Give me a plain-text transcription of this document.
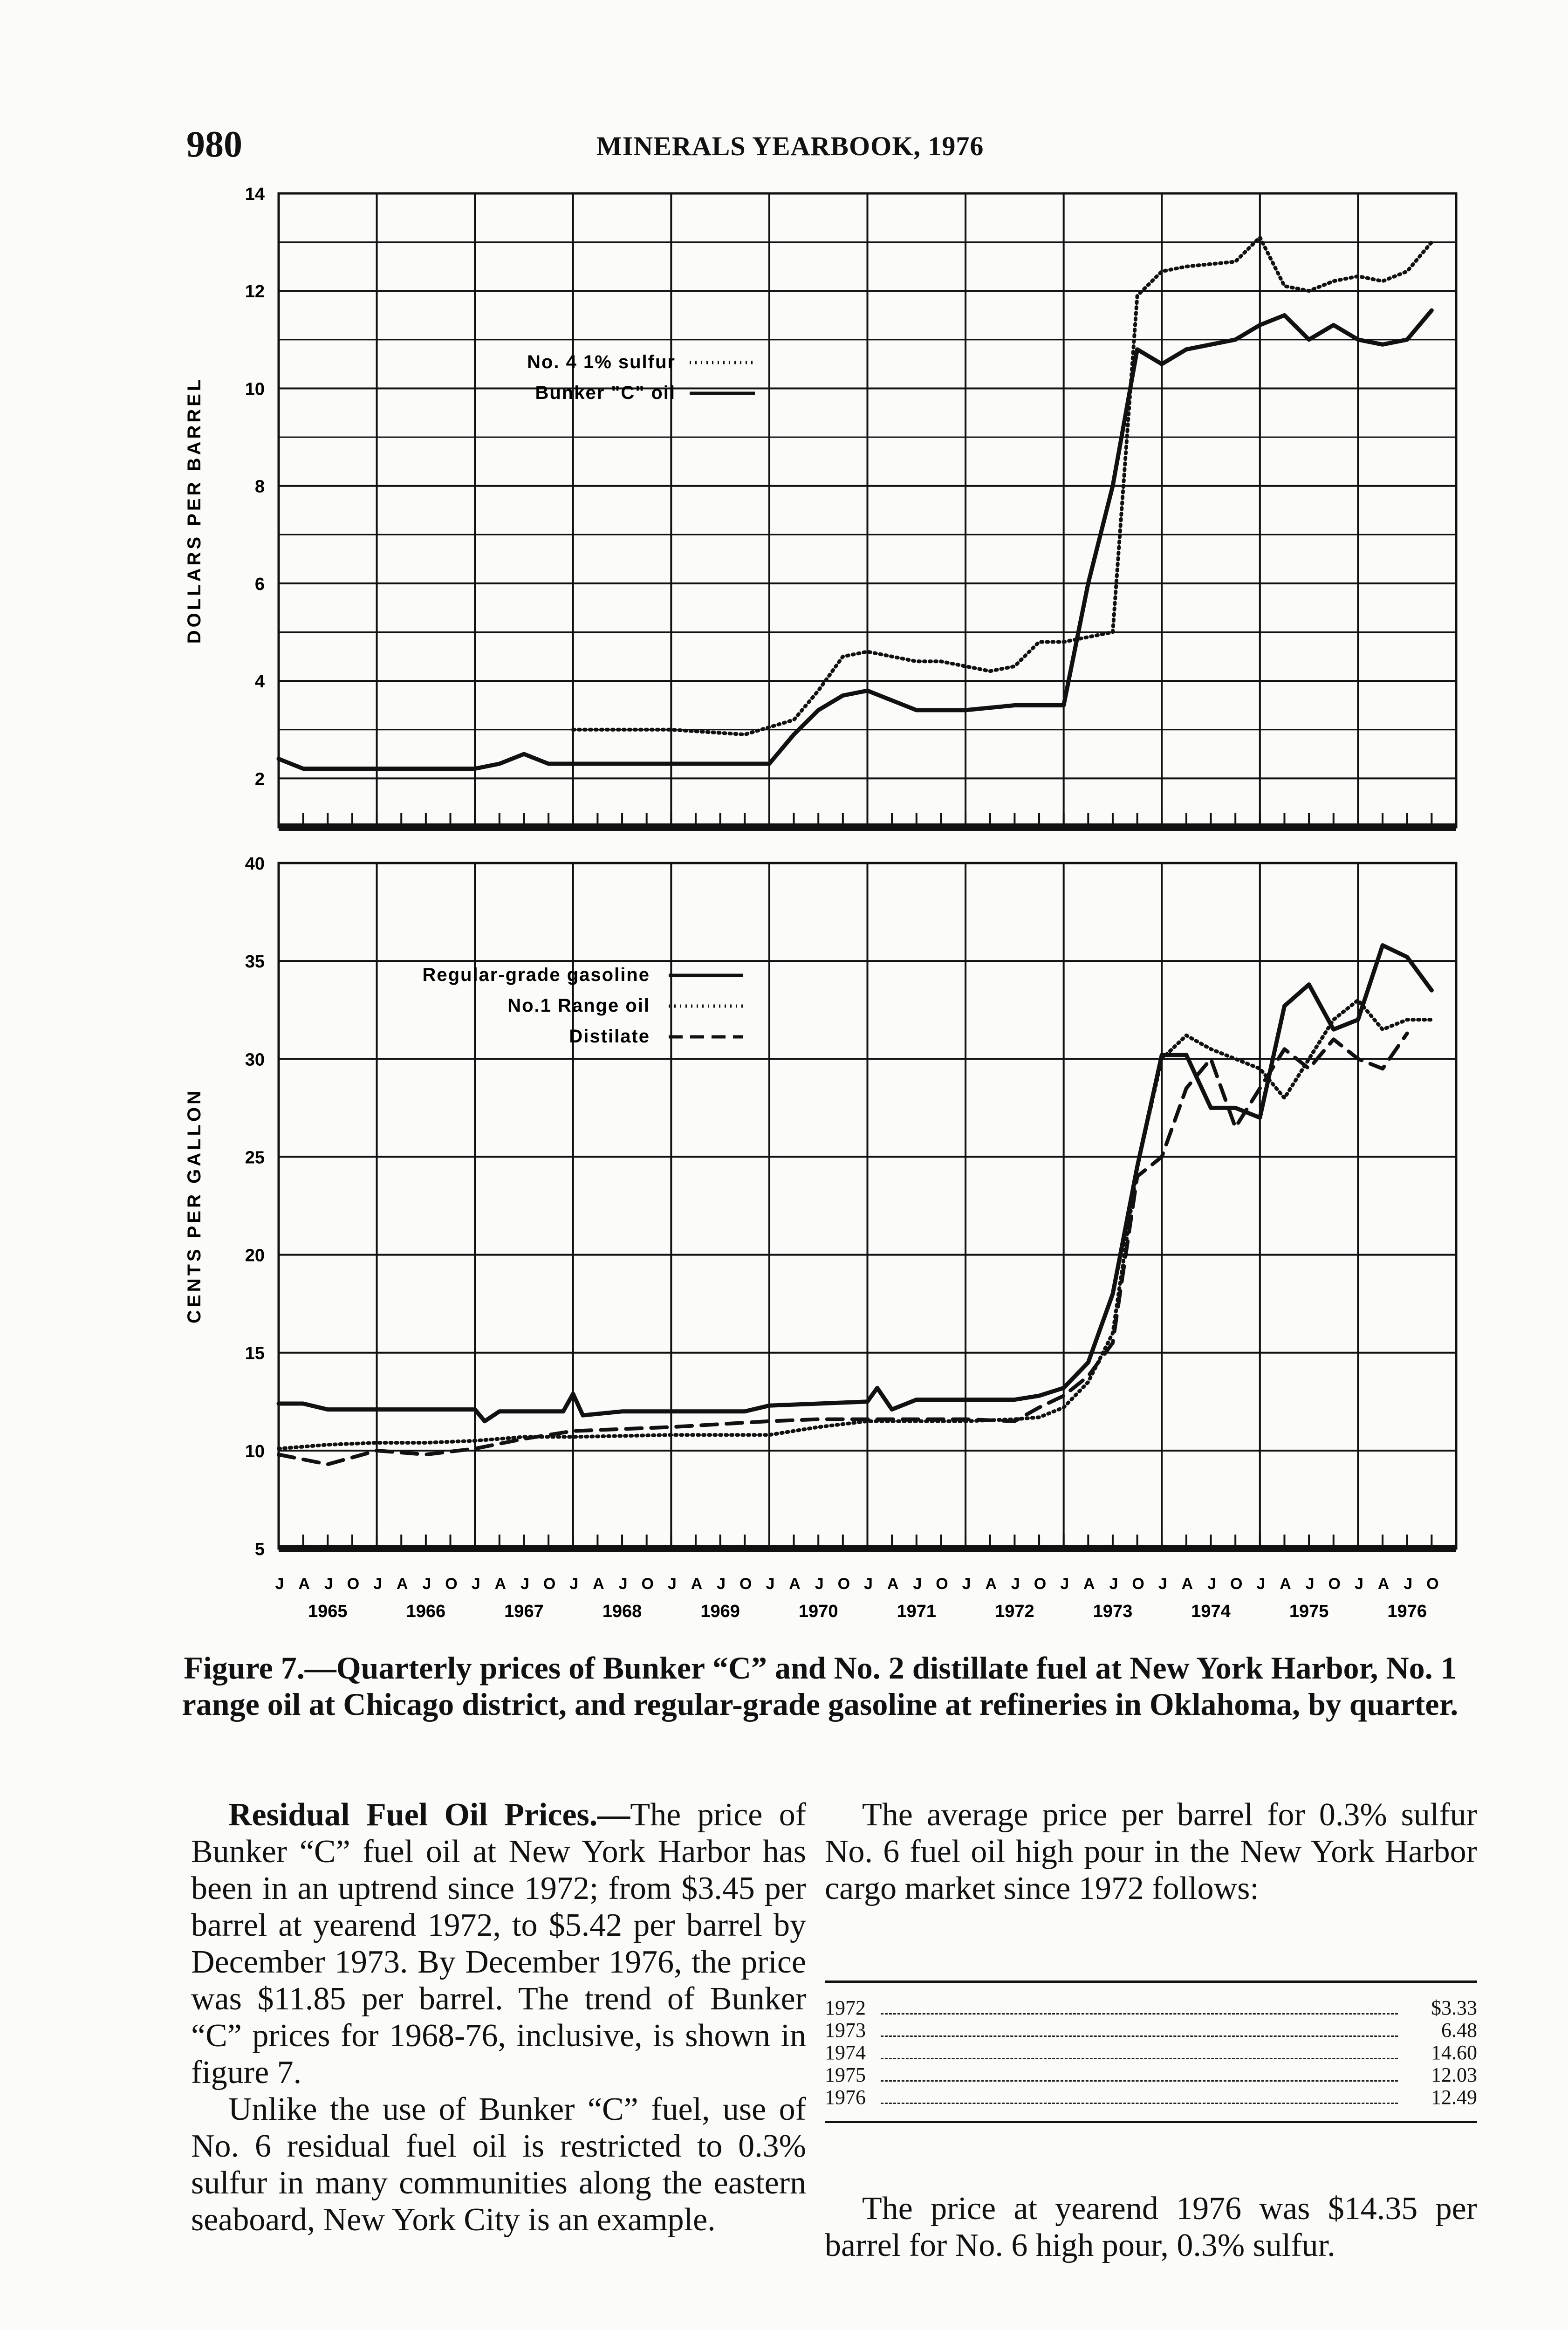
980	MINERALS YEARBOOK, 1976
2
4
6
8
10
12
14
DOLLARS PER BARREL
No. 4 1% sulfur
Bunker "C" oil
5
10
15
20
25
30
35
40
CENTS PER GALLON
Regular-grade gasoline
No.1 Range oil
Distilate
J A J O J A J O J A J O J A J O J A J O J A J O J A J O J A J O J A J O J A J O J A J O J A J O
1965	1966	1967	1968	1969	1970	1971	1972	1973	1974	1975	1976
Figure 7.—Quarterly prices of Bunker “C” and No. 2 distillate fuel at New York Harbor, No. 1 range oil at Chicago district, and regular-grade gasoline at refineries in Oklahoma, by quarter.

Residual Fuel Oil Prices.—The price of Bunker “C” fuel oil at New York Harbor has been in an uptrend since 1972; from $3.45 per barrel at yearend 1972, to $5.42 per barrel by December 1973. By December 1976, the price was $11.85 per barrel. The trend of Bunker “C” prices for 1968-76, inclusive, is shown in figure 7.

Unlike the use of Bunker “C” fuel, use of No. 6 residual fuel oil is restricted to 0.3% sulfur in many communities along the eastern seaboard, New York City is an example.

The average price per barrel for 0.3% sulfur No. 6 fuel oil high pour in the New York Harbor cargo market since 1972 follows:

1972	$3.33
1973	6.48
1974	14.60
1975	12.03
1976	12.49

The price at yearend 1976 was $14.35 per barrel for No. 6 high pour, 0.3% sulfur.
